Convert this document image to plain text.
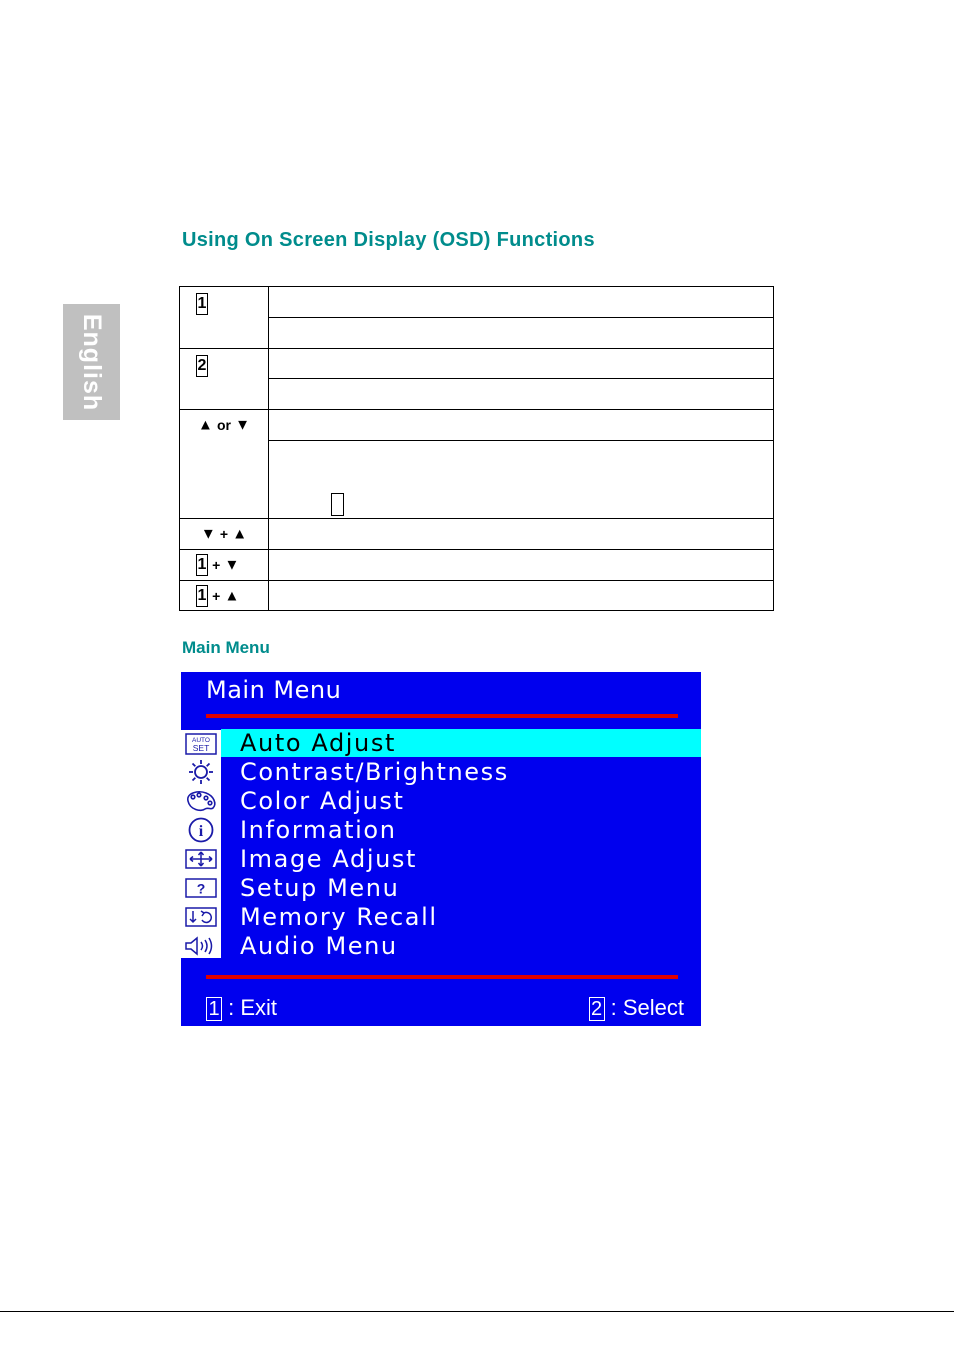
English
Using On Screen Display (OSD) Functions
1	

2	

▲ or ▼	

▼ + ▲	

1 + ▼	

1 + ▲	

Main Menu
Main Menu
AUTO
SET
i
?
Auto Adjust
Contrast/Brightness
Color Adjust
Information
Image Adjust
Setup Menu
Memory Recall
Audio Menu
1 : Exit	2 : Select
